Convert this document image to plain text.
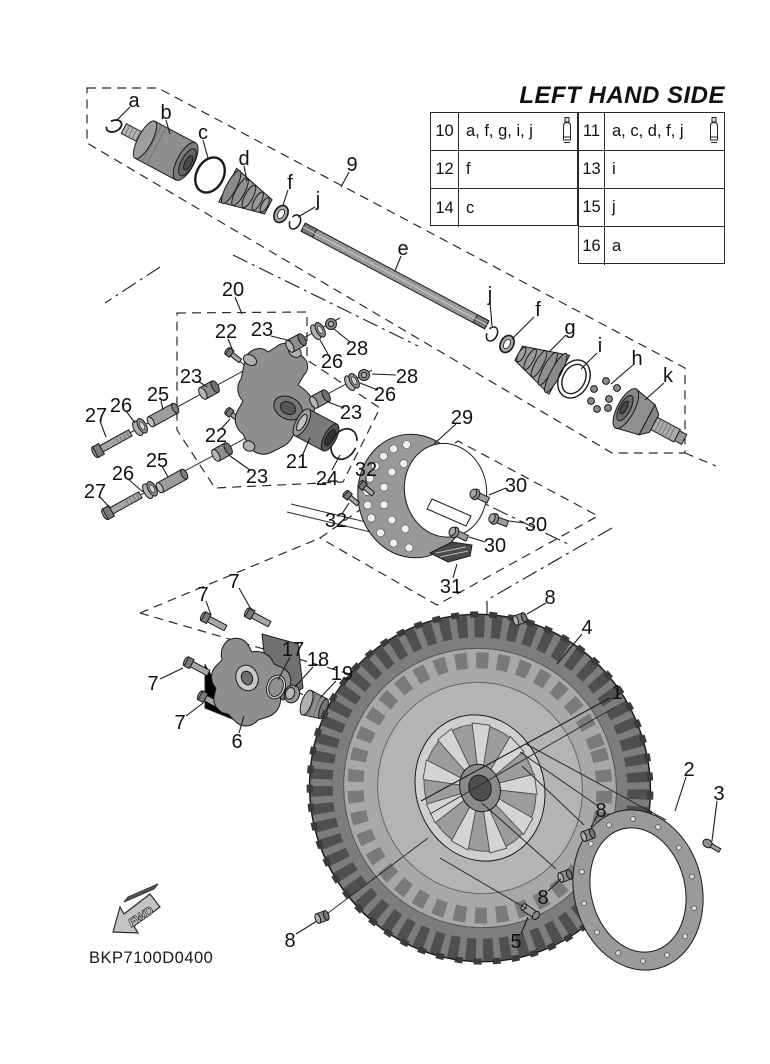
FWD
a
b
c
d
f
j
9
e
j
f
g
i
h
k
20
22 23
26
28
23
25
26
27
22
23
25
26
27
23
26
28
21
24
29
32
32
30
30
30
31
7
7
7
7
6
17 18
19
8
4
1
2
3
8
8
5
8
LEFT HAND SIDE
BKP7100D0400
10 a, f, g, i, j
12 f
14 c
11 a, c, d, f, j
13 i
15 j
16 a
